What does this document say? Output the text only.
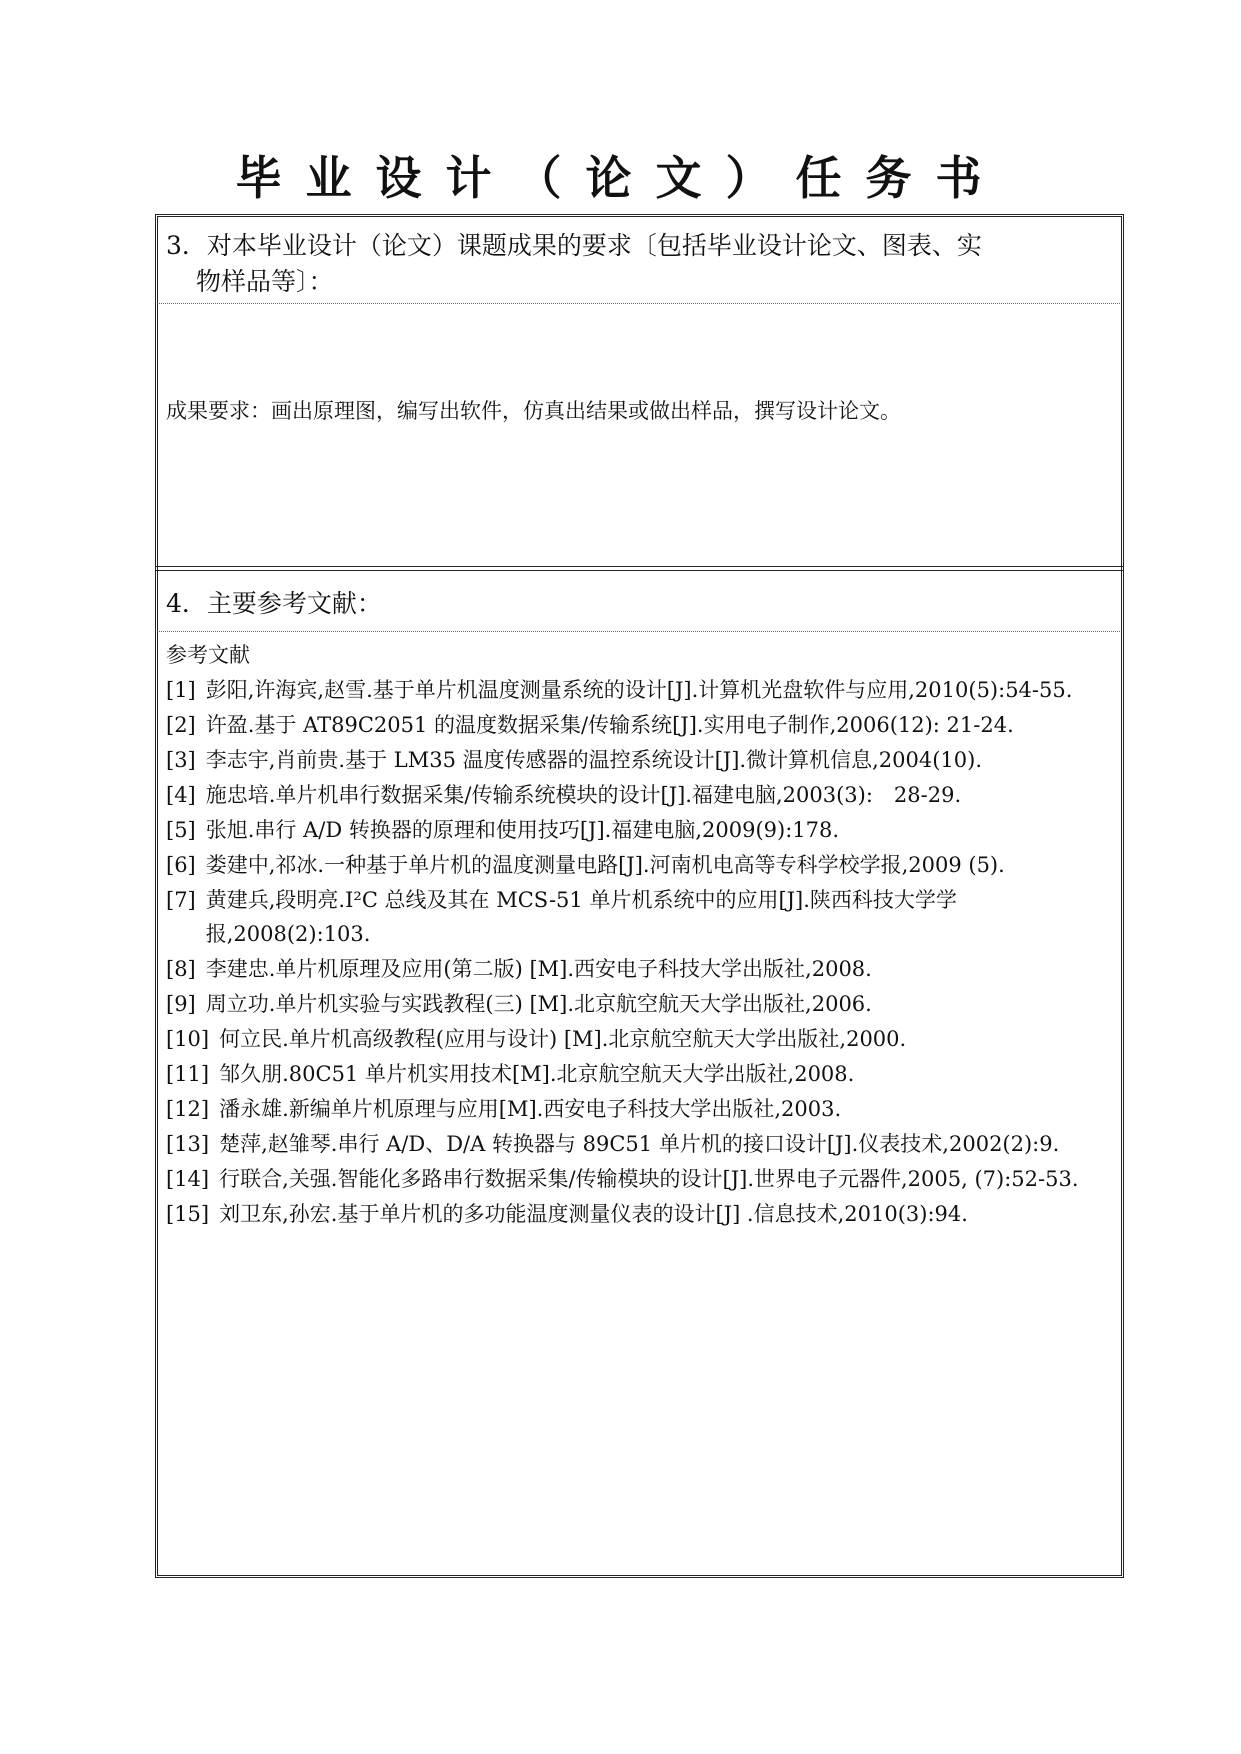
毕业设计（论文）任务书
3．对本毕业设计（论文）课题成果的要求〔包括毕业设计论文、图表、实
物样品等〕：
成果要求：画出原理图，编写出软件，仿真出结果或做出样品，撰写设计论文。
4．主要参考文献：
参考文献
[1] 彭阳,许海宾,赵雪.基于单片机温度测量系统的设计[J].计算机光盘软件与应用,2010(5):54-55.
[2] 许盈.基于 AT89C2051 的温度数据采集/传输系统[J].实用电子制作,2006(12): 21-24.
[3] 李志宇,肖前贵.基于 LM35 温度传感器的温控系统设计[J].微计算机信息,2004(10).
[4] 施忠培.单片机串行数据采集/传输系统模块的设计[J].福建电脑,2003(3):　28-29.
[5] 张旭.串行 A/D 转换器的原理和使用技巧[J].福建电脑,2009(9):178.
[6] 娄建中,祁冰.一种基于单片机的温度测量电路[J].河南机电高等专科学校学报,2009 (5).
[7] 黄建兵,段明亮.I²C 总线及其在 MCS-51 单片机系统中的应用[J].陕西科技大学学报,2008(2):103.
[8] 李建忠.单片机原理及应用(第二版) [M].西安电子科技大学出版社,2008.
[9] 周立功.单片机实验与实践教程(三) [M].北京航空航天大学出版社,2006.
[10] 何立民.单片机高级教程(应用与设计) [M].北京航空航天大学出版社,2000.
[11] 邹久朋.80C51 单片机实用技术[M].北京航空航天大学出版社,2008.
[12] 潘永雄.新编单片机原理与应用[M].西安电子科技大学出版社,2003.
[13] 楚萍,赵雏琴.串行 A/D、D/A 转换器与 89C51 单片机的接口设计[J].仪表技术,2002(2):9.
[14] 行联合,关强.智能化多路串行数据采集/传输模块的设计[J].世界电子元器件,2005, (7):52-53.
[15] 刘卫东,孙宏.基于单片机的多功能温度测量仪表的设计[J] .信息技术,2010(3):94.
